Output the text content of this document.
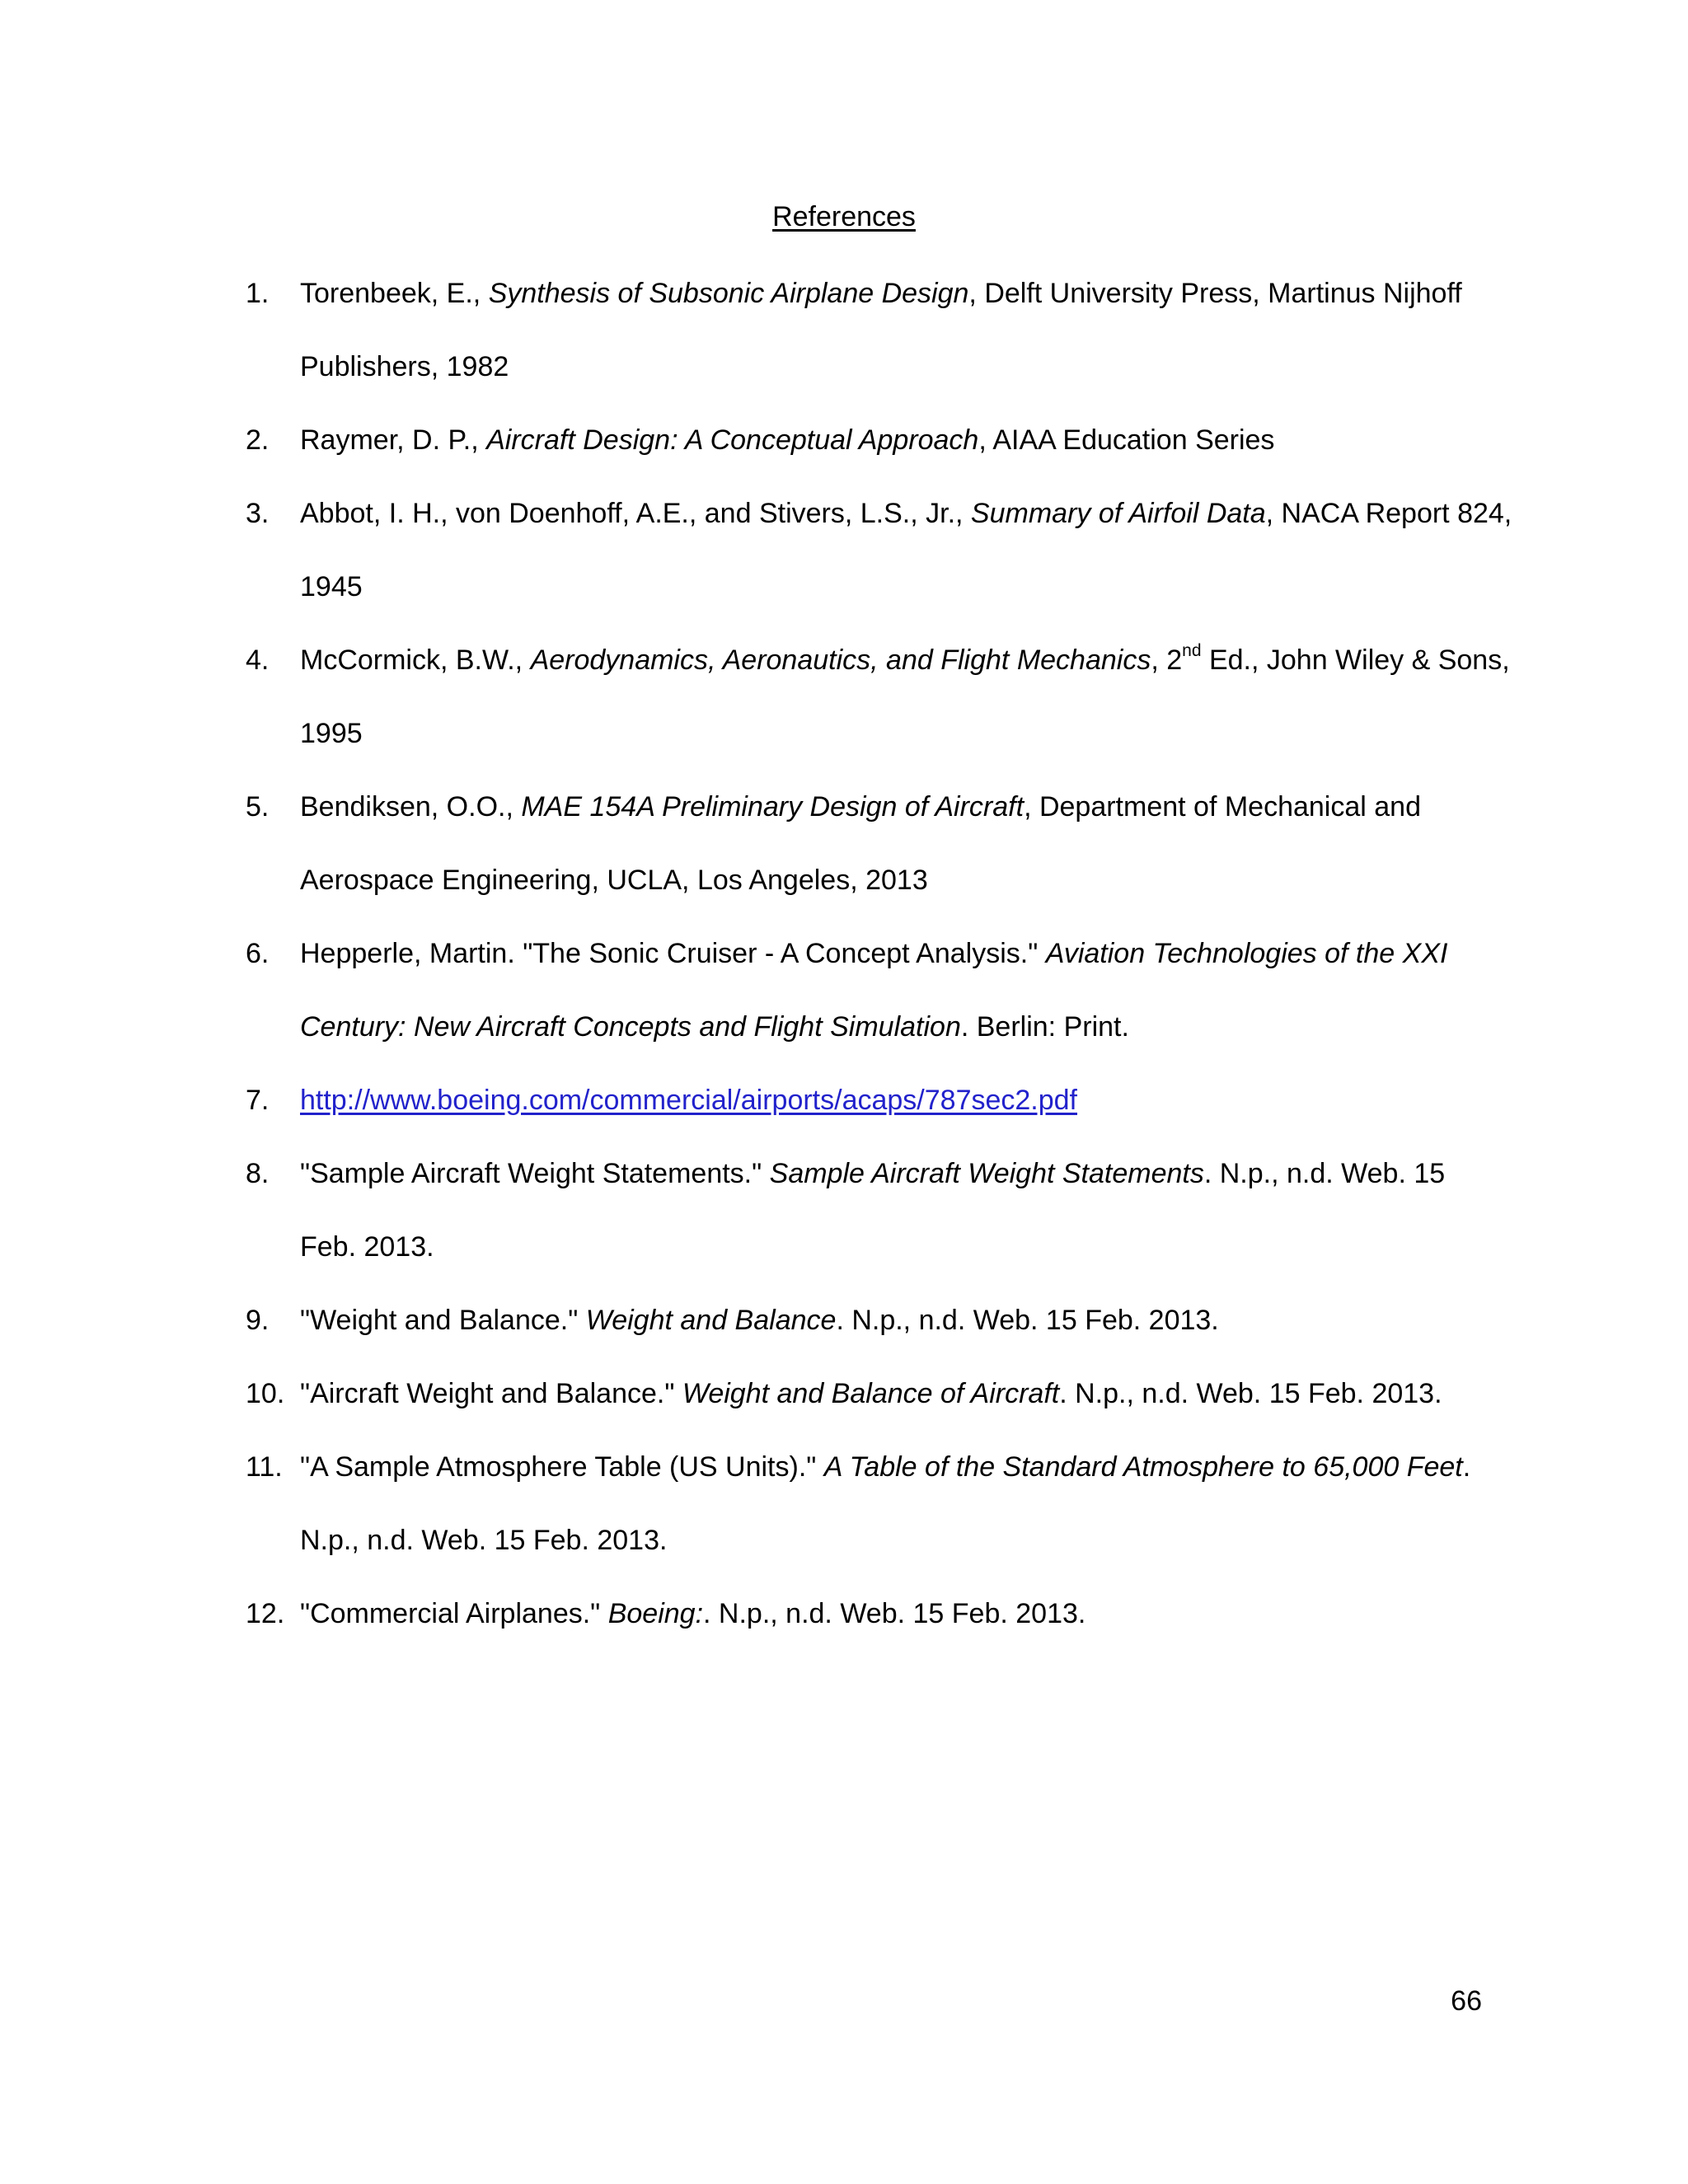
References
1. Torenbeek, E., Synthesis of Subsonic Airplane Design, Delft University Press, Martinus Nijhoff
Publishers, 1982
2. Raymer, D. P., Aircraft Design: A Conceptual Approach, AIAA Education Series
3. Abbot, I. H., von Doenhoff, A.E., and Stivers, L.S., Jr., Summary of Airfoil Data, NACA Report 824,
1945
4. McCormick, B.W., Aerodynamics, Aeronautics, and Flight Mechanics, 2nd Ed., John Wiley & Sons,
1995
5. Bendiksen, O.O., MAE 154A Preliminary Design of Aircraft, Department of Mechanical and
Aerospace Engineering, UCLA, Los Angeles, 2013
6. Hepperle, Martin. "The Sonic Cruiser - A Concept Analysis." Aviation Technologies of the XXI
Century: New Aircraft Concepts and Flight Simulation. Berlin: Print.
7. http://www.boeing.com/commercial/airports/acaps/787sec2.pdf
8. "Sample Aircraft Weight Statements." Sample Aircraft Weight Statements. N.p., n.d. Web. 15
Feb. 2013.
9. "Weight and Balance." Weight and Balance. N.p., n.d. Web. 15 Feb. 2013.
10. "Aircraft Weight and Balance." Weight and Balance of Aircraft. N.p., n.d. Web. 15 Feb. 2013.
11. "A Sample Atmosphere Table (US Units)." A Table of the Standard Atmosphere to 65,000 Feet.
N.p., n.d. Web. 15 Feb. 2013.
12. "Commercial Airplanes." Boeing:. N.p., n.d. Web. 15 Feb. 2013.
66
